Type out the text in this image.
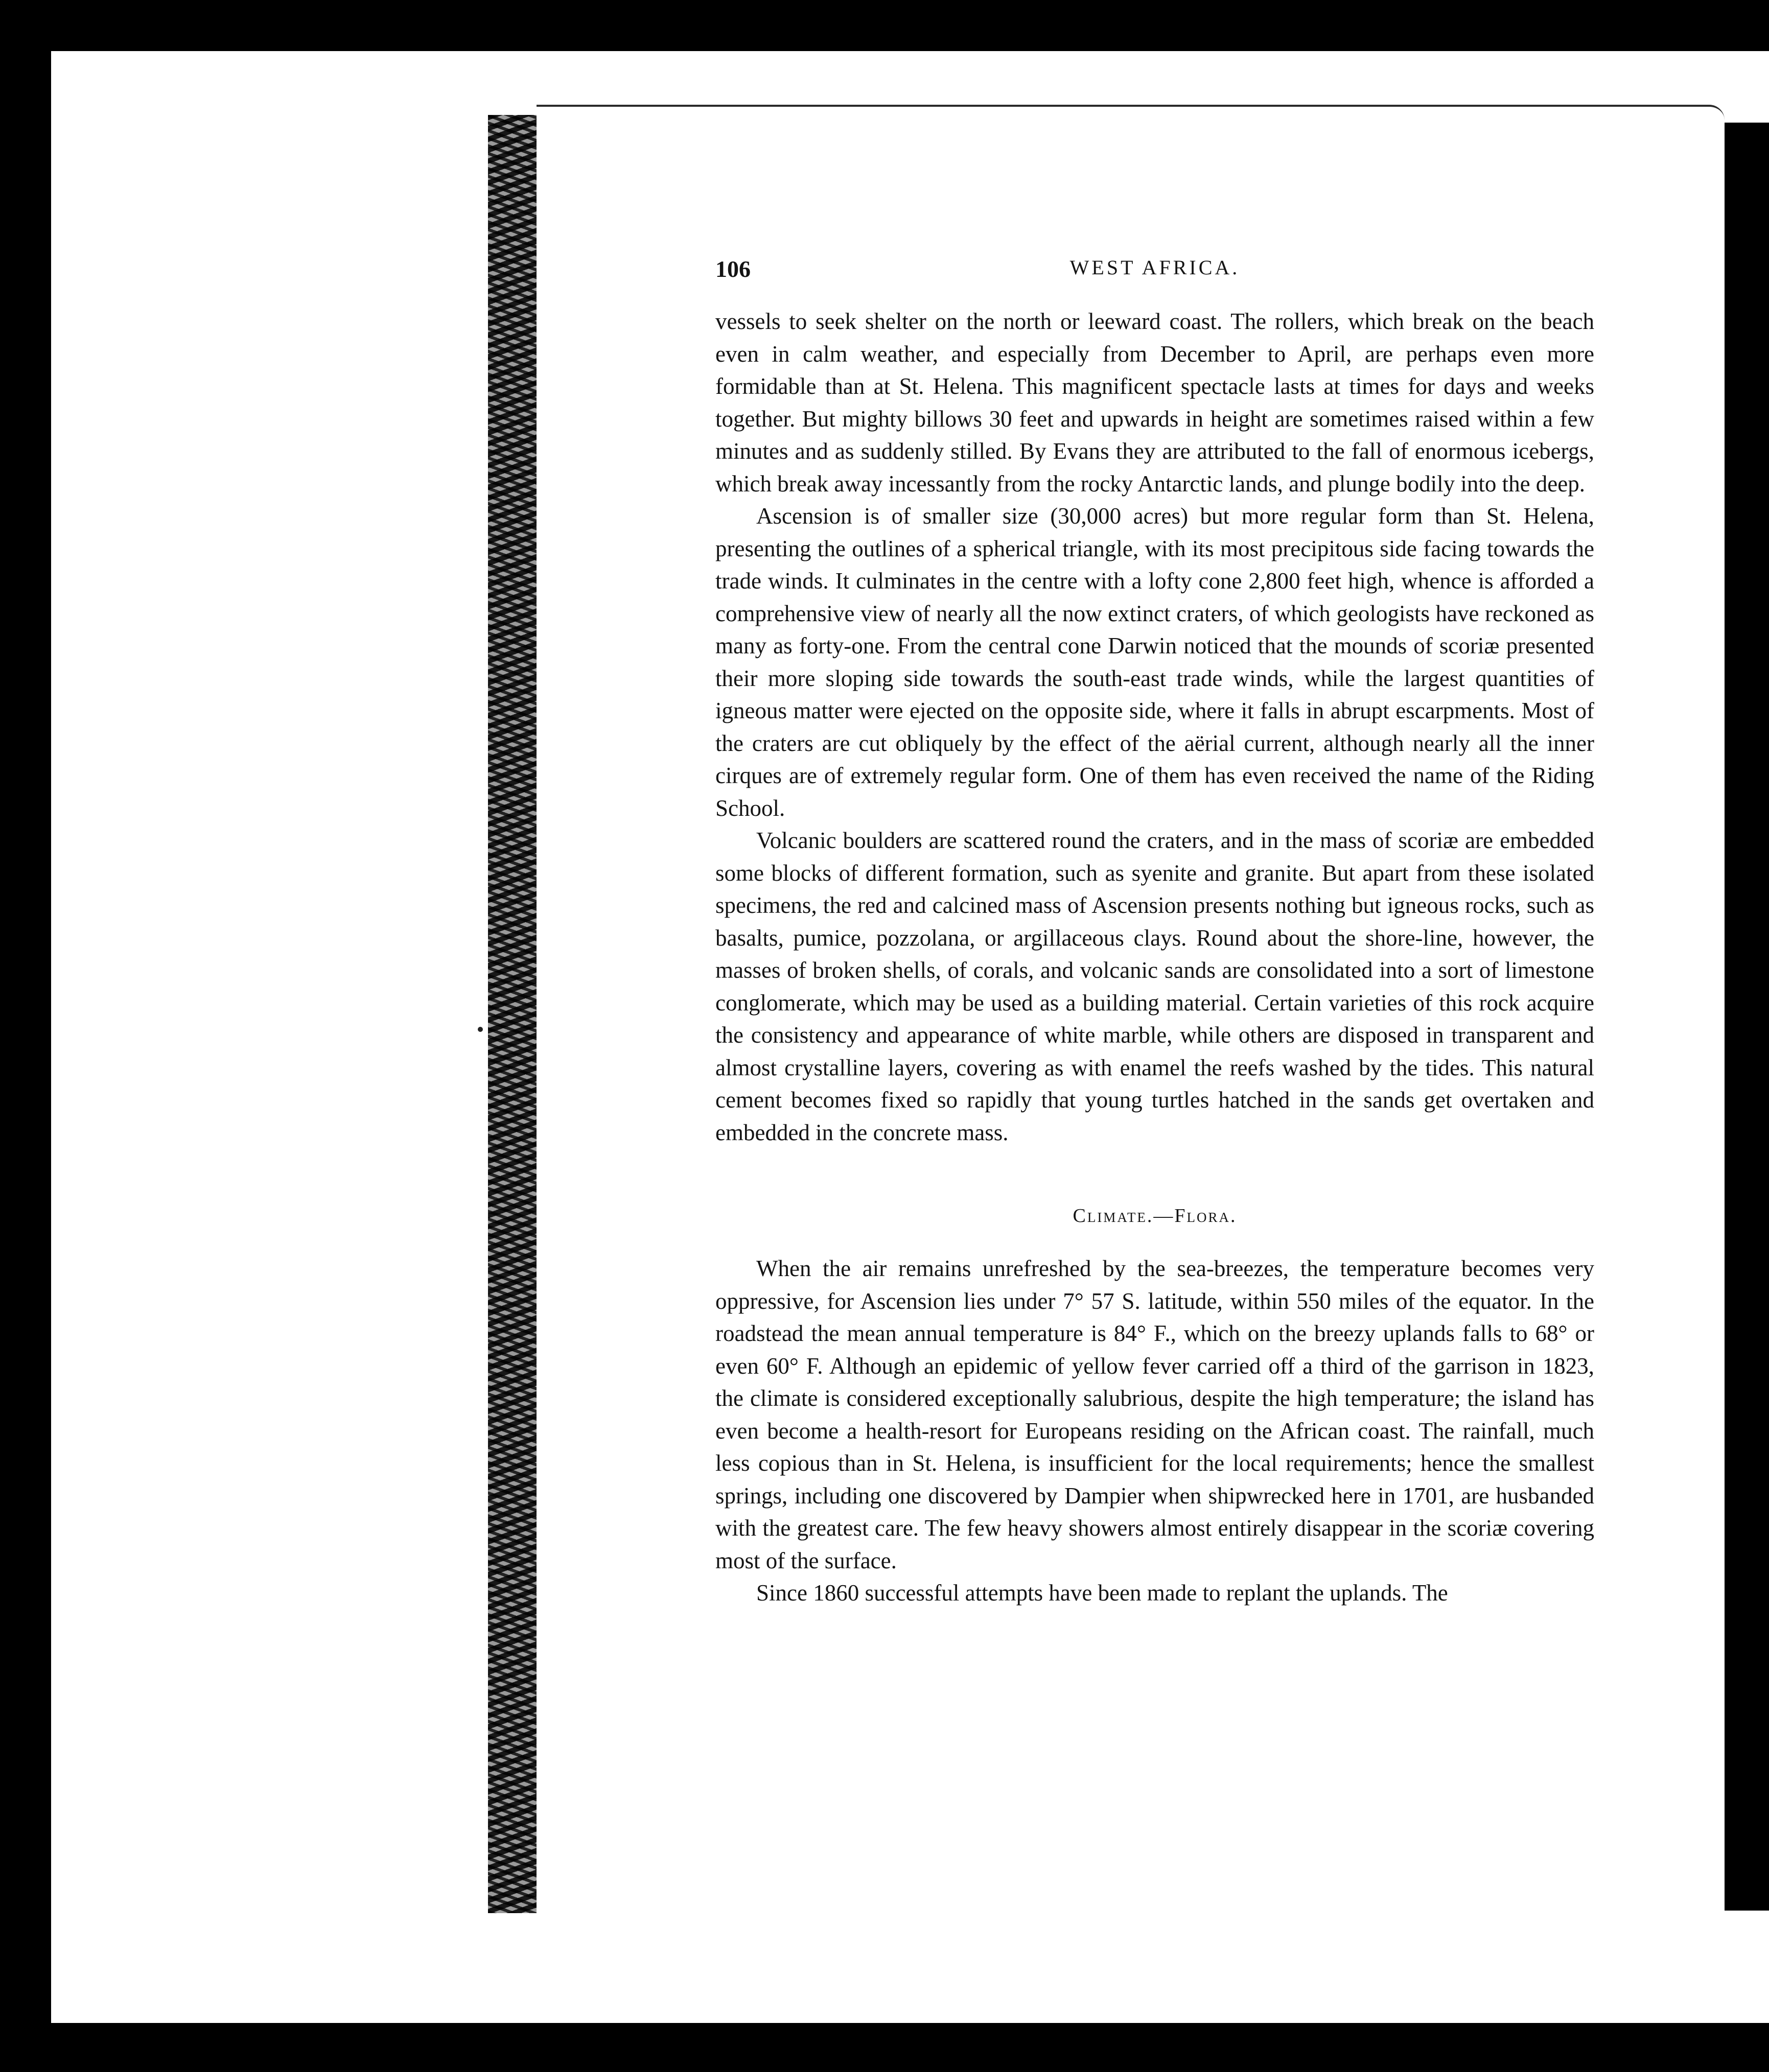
106	WEST AFRICA.

vessels to seek shelter on the north or leeward coast. The rollers, which break on the beach even in calm weather, and especially from December to April, are perhaps even more formidable than at St. Helena. This magnificent spectacle lasts at times for days and weeks together. But mighty billows 30 feet and upwards in height are sometimes raised within a few minutes and as suddenly stilled. By Evans they are attributed to the fall of enormous icebergs, which break away incessantly from the rocky Antarctic lands, and plunge bodily into the deep.

Ascension is of smaller size (30,000 acres) but more regular form than St. Helena, presenting the outlines of a spherical triangle, with its most precipitous side facing towards the trade winds. It culminates in the centre with a lofty cone 2,800 feet high, whence is afforded a comprehensive view of nearly all the now extinct craters, of which geologists have reckoned as many as forty-one. From the central cone Darwin noticed that the mounds of scoriæ presented their more sloping side towards the south-east trade winds, while the largest quantities of igneous matter were ejected on the opposite side, where it falls in abrupt escarpments. Most of the craters are cut obliquely by the effect of the aërial current, although nearly all the inner cirques are of extremely regular form. One of them has even received the name of the Riding School.

Volcanic boulders are scattered round the craters, and in the mass of scoriæ are embedded some blocks of different formation, such as syenite and granite. But apart from these isolated specimens, the red and calcined mass of Ascension presents nothing but igneous rocks, such as basalts, pumice, pozzolana, or argillaceous clays. Round about the shore-line, however, the masses of broken shells, of corals, and volcanic sands are consolidated into a sort of limestone conglomerate, which may be used as a building material. Certain varieties of this rock acquire the consistency and appearance of white marble, while others are disposed in transparent and almost crystalline layers, covering as with enamel the reefs washed by the tides. This natural cement becomes fixed so rapidly that young turtles hatched in the sands get overtaken and embedded in the concrete mass.

Climate.—Flora.

When the air remains unrefreshed by the sea-breezes, the temperature becomes very oppressive, for Ascension lies under 7° 57 S. latitude, within 550 miles of the equator. In the roadstead the mean annual temperature is 84° F., which on the breezy uplands falls to 68° or even 60° F. Although an epidemic of yellow fever carried off a third of the garrison in 1823, the climate is considered exceptionally salubrious, despite the high temperature; the island has even become a health-resort for Europeans residing on the African coast. The rainfall, much less copious than in St. Helena, is insufficient for the local requirements; hence the smallest springs, including one discovered by Dampier when shipwrecked here in 1701, are husbanded with the greatest care. The few heavy showers almost entirely disappear in the scoriæ covering most of the surface.

Since 1860 successful attempts have been made to replant the uplands. The
